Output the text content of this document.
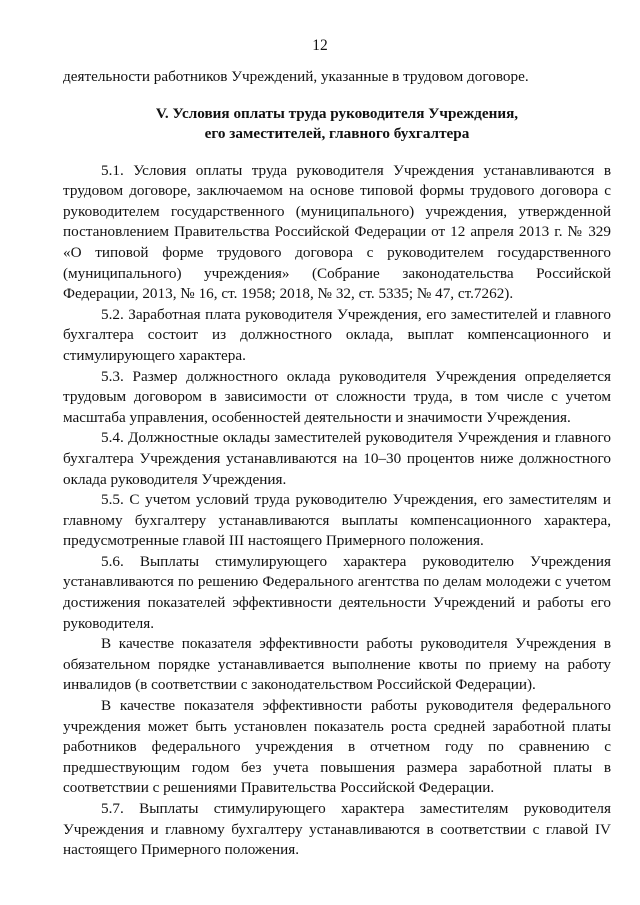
12

деятельности работников Учреждений, указанные в трудовом договоре.

V. Условия оплаты труда руководителя Учреждения,
его заместителей, главного бухгалтера

5.1. Условия оплаты труда руководителя Учреждения устанавливаются в трудовом договоре, заключаемом на основе типовой формы трудового договора с руководителем государственного (муниципального) учреждения, утвержденной постановлением Правительства Российской Федерации от 12 апреля 2013 г. № 329 «О типовой форме трудового договора с руководителем государственного (муниципального) учреждения» (Собрание законодательства Российской Федерации, 2013, № 16, ст. 1958; 2018, № 32, ст. 5335; № 47, ст.7262).

5.2. Заработная плата руководителя Учреждения, его заместителей и главного бухгалтера состоит из должностного оклада, выплат компенсационного и стимулирующего характера.

5.3. Размер должностного оклада руководителя Учреждения определяется трудовым договором в зависимости от сложности труда, в том числе с учетом масштаба управления, особенностей деятельности и значимости Учреждения.

5.4. Должностные оклады заместителей руководителя Учреждения и главного бухгалтера Учреждения устанавливаются на 10–30 процентов ниже должностного оклада руководителя Учреждения.

5.5. С учетом условий труда руководителю Учреждения, его заместителям и главному бухгалтеру устанавливаются выплаты компенсационного характера, предусмотренные главой III настоящего Примерного положения.

5.6. Выплаты стимулирующего характера руководителю Учреждения устанавливаются по решению Федерального агентства по делам молодежи с учетом достижения показателей эффективности деятельности Учреждений и работы его руководителя.

В качестве показателя эффективности работы руководителя Учреждения в обязательном порядке устанавливается выполнение квоты по приему на работу инвалидов (в соответствии с законодательством Российской Федерации).

В качестве показателя эффективности работы руководителя федерального учреждения может быть установлен показатель роста средней заработной платы работников федерального учреждения в отчетном году по сравнению с предшествующим годом без учета повышения размера заработной платы в соответствии с решениями Правительства Российской Федерации.

5.7. Выплаты стимулирующего характера заместителям руководителя Учреждения и главному бухгалтеру устанавливаются в соответствии с главой IV настоящего Примерного положения.
